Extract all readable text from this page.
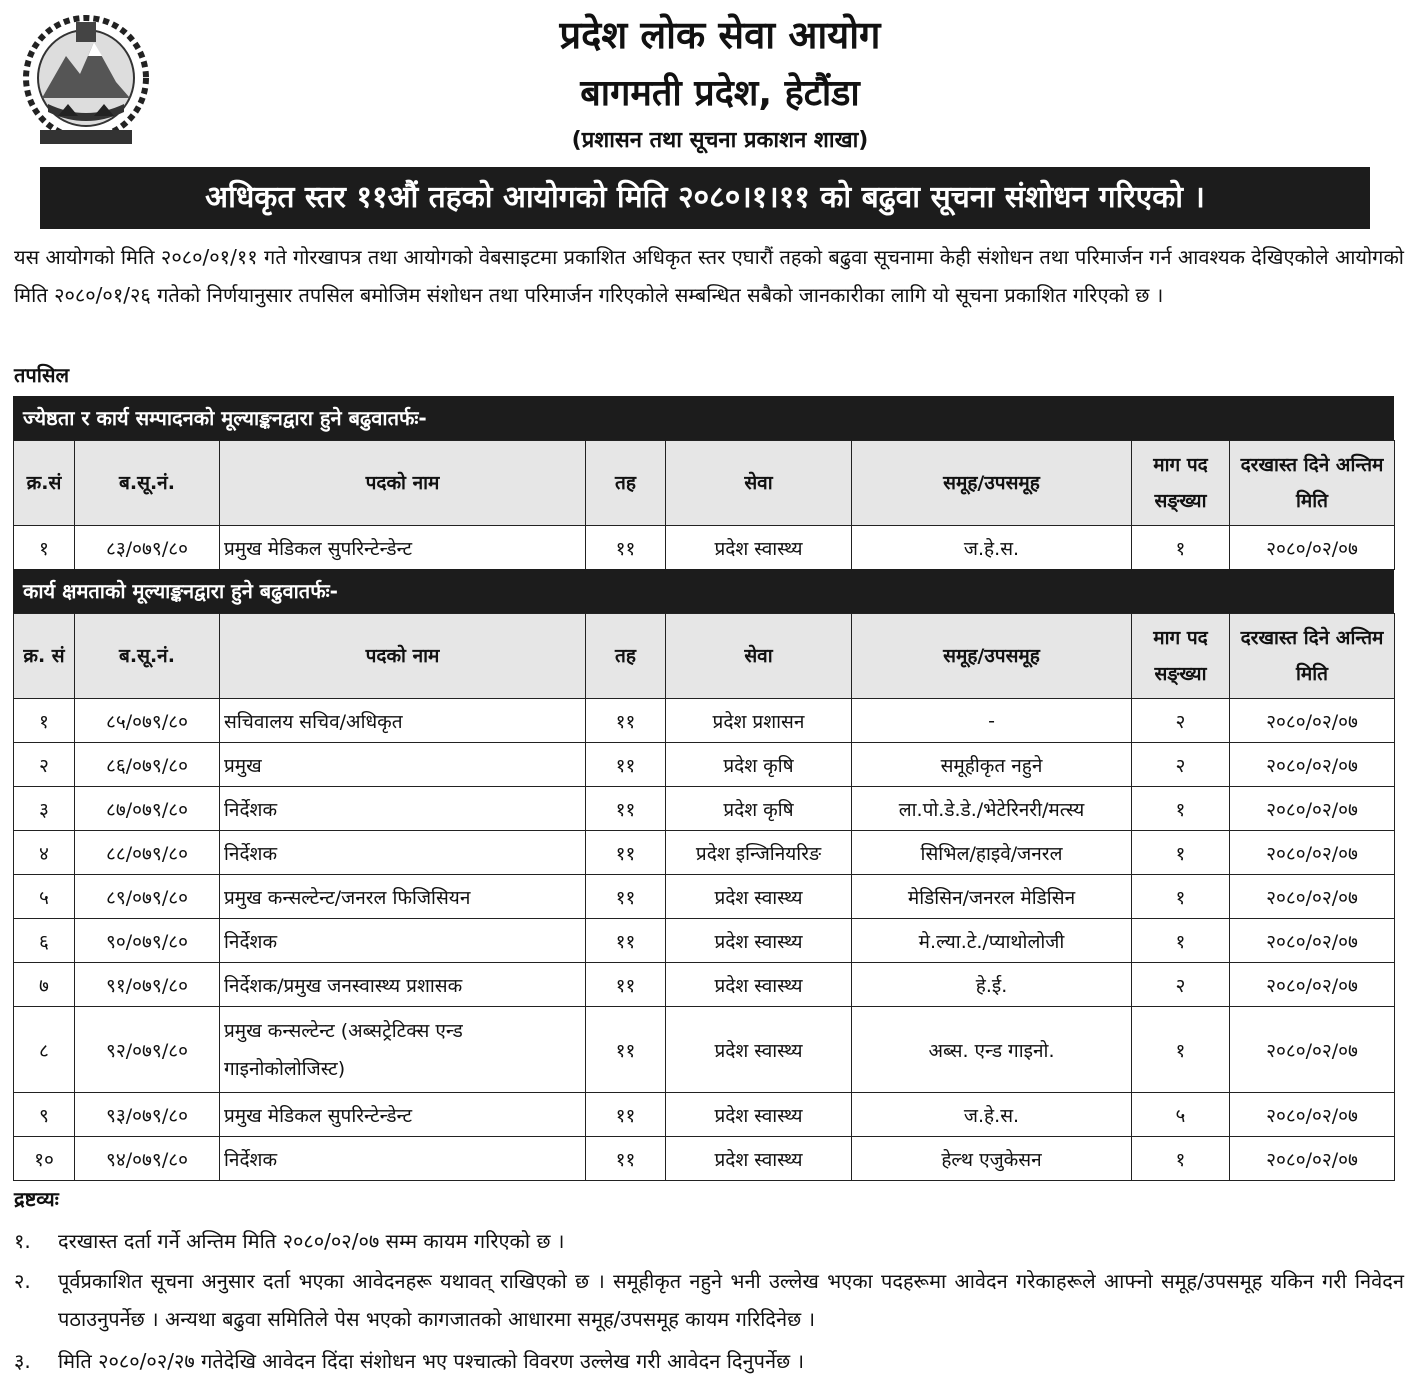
प्रदेश लोक सेवा आयोग
बागमती प्रदेश, हेटौंडा
(प्रशासन तथा सूचना प्रकाशन शाखा)
अधिकृत स्तर ११औं तहको आयोगको मिति २०८०।१।११ को बढुवा सूचना संशोधन गरिएको ।
यस आयोगको मिति २०८०/०१/११ गते गोरखापत्र तथा आयोगको वेबसाइटमा प्रकाशित अधिकृत स्तर एघारौं तहको बढुवा सूचनामा केही संशोधन तथा परिमार्जन गर्न आवश्यक देखिएकोले आयोगको मिति २०८०/०१/२६ गतेको निर्णयानुसार तपसिल बमोजिम संशोधन तथा परिमार्जन गरिएकोले सम्बन्धित सबैको जानकारीका लागि यो सूचना प्रकाशित गरिएको छ ।
तपसिल
ज्येष्ठता र कार्य सम्पादनको मूल्याङ्कनद्वारा हुने बढुवातर्फः-
क्र.सं	ब.सू.नं.	पदको नाम	तह	सेवा	समूह/उपसमूह	माग पद सङ्ख्या	दरखास्त दिने अन्तिम मिति
१	८३/०७९/८०	प्रमुख मेडिकल सुपरिन्टेन्डेन्ट	११	प्रदेश स्वास्थ्य	ज.हे.स.	१	२०८०/०२/०७
कार्य क्षमताको मूल्याङ्कनद्वारा हुने बढुवातर्फः-
क्र. सं	ब.सू.नं.	पदको नाम	तह	सेवा	समूह/उपसमूह	माग पद सङ्ख्या	दरखास्त दिने अन्तिम मिति
१	८५/०७९/८०	सचिवालय सचिव/अधिकृत	११	प्रदेश प्रशासन	-	२	२०८०/०२/०७
२	८६/०७९/८०	प्रमुख	११	प्रदेश कृषि	समूहीकृत नहुने	२	२०८०/०२/०७
३	८७/०७९/८०	निर्देशक	११	प्रदेश कृषि	ला.पो.डे.डे./भेटेरिनरी/मत्स्य	१	२०८०/०२/०७
४	८८/०७९/८०	निर्देशक	११	प्रदेश इन्जिनियरिङ	सिभिल/हाइवे/जनरल	१	२०८०/०२/०७
५	८९/०७९/८०	प्रमुख कन्सल्टेन्ट/जनरल फिजिसियन	११	प्रदेश स्वास्थ्य	मेडिसिन/जनरल मेडिसिन	१	२०८०/०२/०७
६	९०/०७९/८०	निर्देशक	११	प्रदेश स्वास्थ्य	मे.ल्या.टे./प्याथोलोजी	१	२०८०/०२/०७
७	९१/०७९/८०	निर्देशक/प्रमुख जनस्वास्थ्य प्रशासक	११	प्रदेश स्वास्थ्य	हे.ई.	२	२०८०/०२/०७
८	९२/०७९/८०	प्रमुख कन्सल्टेन्ट (अब्सट्रेटिक्स एन्ड गाइनोकोलोजिस्ट)	११	प्रदेश स्वास्थ्य	अब्स. एन्ड गाइनो.	१	२०८०/०२/०७
९	९३/०७९/८०	प्रमुख मेडिकल सुपरिन्टेन्डेन्ट	११	प्रदेश स्वास्थ्य	ज.हे.स.	५	२०८०/०२/०७
१०	९४/०७९/८०	निर्देशक	११	प्रदेश स्वास्थ्य	हेल्थ एजुकेसन	१	२०८०/०२/०७
द्रष्टव्यः
१.	दरखास्त दर्ता गर्ने अन्तिम मिति २०८०/०२/०७ सम्म कायम गरिएको छ ।
२.	पूर्वप्रकाशित सूचना अनुसार दर्ता भएका आवेदनहरू यथावत् राखिएको छ । समूहीकृत नहुने भनी उल्लेख भएका पदहरूमा आवेदन गरेकाहरूले आफ्नो समूह/उपसमूह यकिन गरी निवेदन पठाउनुपर्नेछ । अन्यथा बढुवा समितिले पेस भएको कागजातको आधारमा समूह/उपसमूह कायम गरिदिनेछ ।
३.	मिति २०८०/०२/२७ गतेदेखि आवेदन दिंदा संशोधन भए पश्चात्को विवरण उल्लेख गरी आवेदन दिनुपर्नेछ ।
